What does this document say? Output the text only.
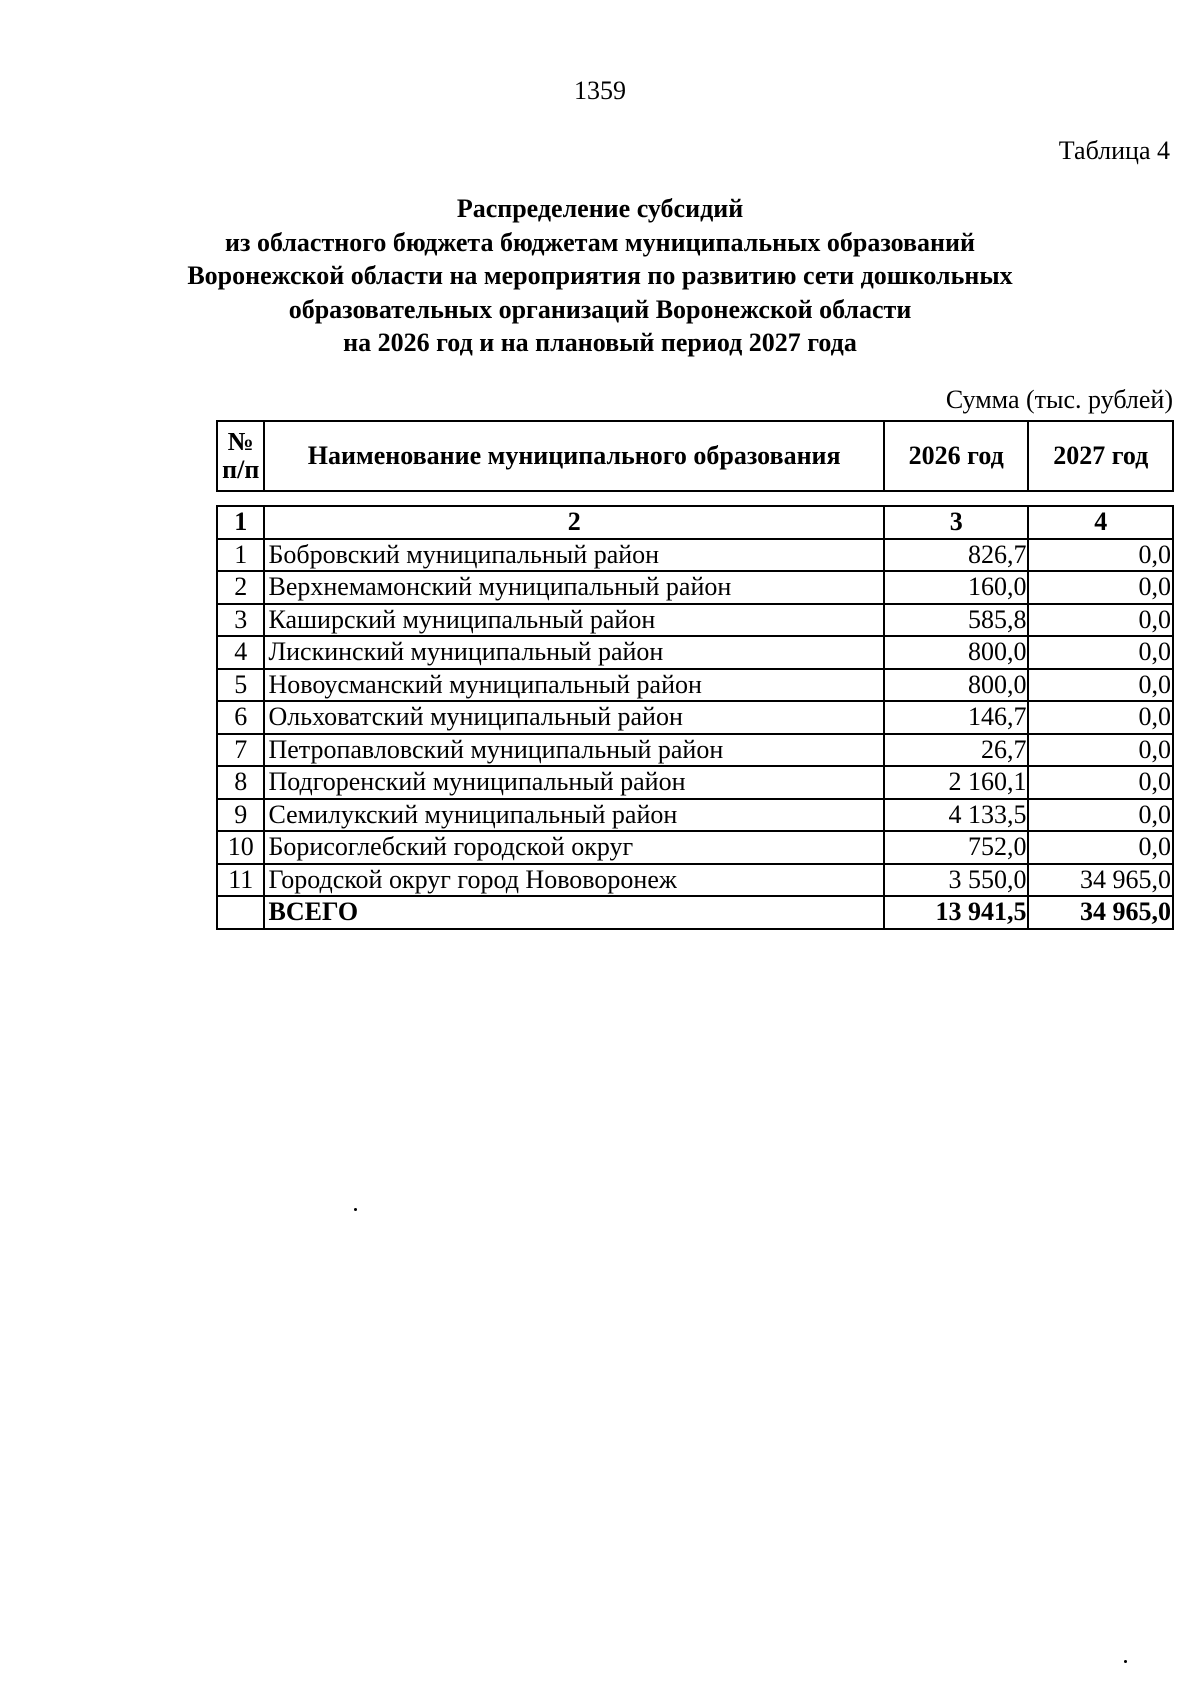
1359
Таблица 4
Распределение субсидий
из областного бюджета бюджетам муниципальных образований
Воронежской области на мероприятия по развитию сети дошкольных
образовательных организаций Воронежской области
на 2026 год и на плановый период 2027 года
Сумма (тыс. рублей)
№
п/п	Наименование муниципального образования	2026 год	2027 год
1	2	3	4
1	Бобровский муниципальный район	826,7	0,0
2	Верхнемамонский муниципальный район	160,0	0,0
3	Каширский муниципальный район	585,8	0,0
4	Лискинский муниципальный район	800,0	0,0
5	Новоусманский муниципальный район	800,0	0,0
6	Ольховатский муниципальный район	146,7	0,0
7	Петропавловский муниципальный район	26,7	0,0
8	Подгоренский муниципальный район	2 160,1	0,0
9	Семилукский муниципальный район	4 133,5	0,0
10	Борисоглебский городской округ	752,0	0,0
11	Городской округ город Нововоронеж	3 550,0	34 965,0
	ВСЕГО	13 941,5	34 965,0
